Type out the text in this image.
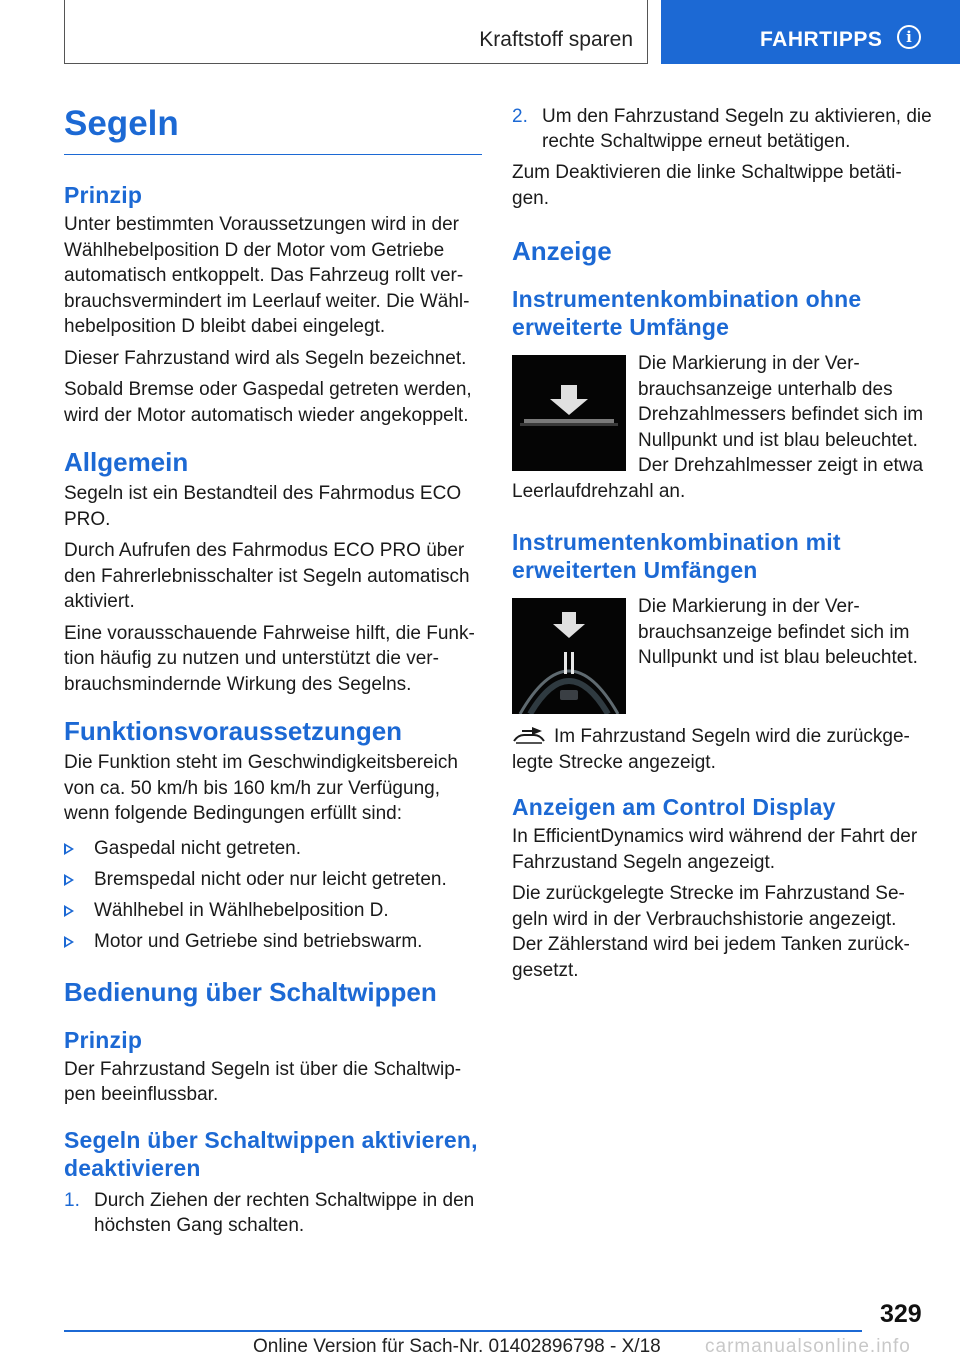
Kraftstoff sparen	FAHRTIPPS	i
Segeln
Prinzip

Unter bestimmten Voraussetzungen wird in der Wählhebelposition D der Motor vom Getriebe automatisch entkoppelt. Das Fahrzeug rollt ver-brauchsvermindert im Leerlauf weiter. Die Wähl-hebelposition D bleibt dabei eingelegt.

Dieser Fahrzustand wird als Segeln bezeichnet.

Sobald Bremse oder Gaspedal getreten werden, wird der Motor automatisch wieder angekoppelt.

Allgemein

Segeln ist ein Bestandteil des Fahrmodus ECO PRO.

Durch Aufrufen des Fahrmodus ECO PRO über den Fahrerlebnisschalter ist Segeln automatisch aktiviert.

Eine vorausschauende Fahrweise hilft, die Funk-tion häufig zu nutzen und unterstützt die ver-brauchsmindernde Wirkung des Segelns.

Funktionsvoraussetzungen

Die Funktion steht im Geschwindigkeitsbereich von ca. 50 km/h bis 160 km/h zur Verfügung, wenn folgende Bedingungen erfüllt sind:

Gaspedal nicht getreten.
Bremspedal nicht oder nur leicht getreten.
Wählhebel in Wählhebelposition D.
Motor und Getriebe sind betriebswarm.
Bedienung über Schaltwippen
Prinzip

Der Fahrzustand Segeln ist über die Schaltwip-pen beeinflussbar.

Segeln über Schaltwippen aktivieren, deaktivieren
1. Durch Ziehen der rechten Schaltwippe in den höchsten Gang schalten.
2. Um den Fahrzustand Segeln zu aktivieren, die rechte Schaltwippe erneut betätigen.

Zum Deaktivieren die linke Schaltwippe betäti-gen.

Anzeige
Instrumentenkombination ohne erweiterte Umfänge

Die Markierung in der Ver-brauchsanzeige unterhalb des Drehzahlmessers befindet sich im Nullpunkt und ist blau beleuchtet. Der Drehzahlmesser zeigt in etwa Leerlaufdrehzahl an.

Instrumentenkombination mit erweiterten Umfängen

Die Markierung in der Ver-brauchsanzeige befindet sich im Nullpunkt und ist blau beleuchtet.

Im Fahrzustand Segeln wird die zurückge-legte Strecke angezeigt.

Anzeigen am Control Display

In EfficientDynamics wird während der Fahrt der Fahrzustand Segeln angezeigt.

Die zurückgelegte Strecke im Fahrzustand Se-geln wird in der Verbrauchshistorie angezeigt. Der Zählerstand wird bei jedem Tanken zurück-gesetzt.

329
Online Version für Sach-Nr. 01402896798 - X/18 carmanualsonline.info
